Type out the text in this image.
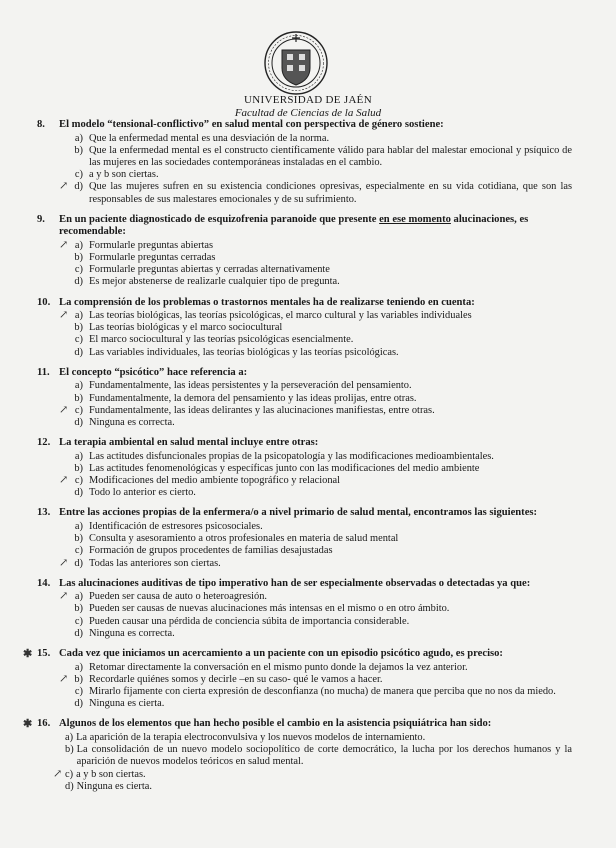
UNIVERSIDAD DE JAÉN
Facultad de Ciencias de la Salud
8.	El modelo “tensional-conflictivo” en salud mental con perspectiva de género sostiene:
a) Que la enfermedad mental es una desviación de la norma.
b) Que la enfermedad mental es el constructo científicamente válido para hablar del malestar emocional y psíquico de las mujeres en las sociedades contemporáneas instaladas en el cambio.
c) a y b son ciertas.
d)
↗ Que las mujeres sufren en su existencia condiciones opresivas, especialmente en su vida cotidiana, que son las responsables de sus malestares emocionales y de su sufrimiento.
9.	En un paciente diagnosticado de esquizofrenia paranoide que presente en ese momento alucinaciones, es recomendable:
a)
↗ Formularle preguntas abiertas
b) Formularle preguntas cerradas
c) Formularle preguntas abiertas y cerradas alternativamente
d) Es mejor abstenerse de realizarle cualquier tipo de pregunta.
10. La comprensión de los problemas o trastornos mentales ha de realizarse teniendo en cuenta:
a)
↗ Las teorías biológicas, las teorías psicológicas, el marco cultural y las variables individuales
b) Las teorías biológicas y el marco sociocultural
c) El marco sociocultural y las teorías psicológicas esencialmente.
d) Las variables individuales, las teorías biológicas y las teorías psicológicas.
11. El concepto “psicótico” hace referencia a:
a) Fundamentalmente, las ideas persistentes y la perseveración del pensamiento.
b) Fundamentalmente, la demora del pensamiento y las ideas prolijas, entre otras.
c)
↗ Fundamentalmente, las ideas delirantes y las alucinaciones manifiestas, entre otras.
d) Ninguna es correcta.
12. La terapia ambiental en salud mental incluye entre otras:
a) Las actitudes disfuncionales propias de la psicopatología y las modificaciones medioambientales.
b) Las actitudes fenomenológicas y específicas junto con las modificaciones del medio ambiente
c)
↗ Modificaciones del medio ambiente topográfico y relacional
d) Todo lo anterior es cierto.
13. Entre las acciones propias de la enfermera/o a nivel primario de salud mental, encontramos las siguientes:
a) Identificación de estresores psicosociales.
b) Consulta y asesoramiento a otros profesionales en materia de salud mental
c) Formación de grupos procedentes de familias desajustadas
d)
↗ Todas las anteriores son ciertas.
14. Las alucinaciones auditivas de tipo imperativo han de ser especialmente observadas o detectadas ya que:
a)
↗ Pueden ser causa de auto o heteroagresión.
b) Pueden ser causas de nuevas alucinaciones más intensas en el mismo o en otro ámbito.
c) Pueden causar una pérdida de conciencia súbita de importancia considerable.
d) Ninguna es correcta.
✱ 15. Cada vez que iniciamos un acercamiento a un paciente con un episodio psicótico agudo, es preciso:
a) Retomar directamente la conversación en el mismo punto donde la dejamos la vez anterior.
b)
↗ Recordarle quiénes somos y decirle –en su caso- qué le vamos a hacer.
c) Mirarlo fijamente con cierta expresión de desconfianza (no mucha) de manera que perciba que no nos da miedo.
d) Ninguna es cierta.
✱ 16. Algunos de los elementos que han hecho posible el cambio en la asistencia psiquiátrica han sido:
a) La aparición de la terapia electroconvulsiva y los nuevos modelos de internamiento.
b) La consolidación de un nuevo modelo sociopolítico de corte democrático, la lucha por los derechos humanos y la aparición de nuevos modelos teóricos en salud mental.
c)
↗ a y b son ciertas.
d) Ninguna es cierta.
